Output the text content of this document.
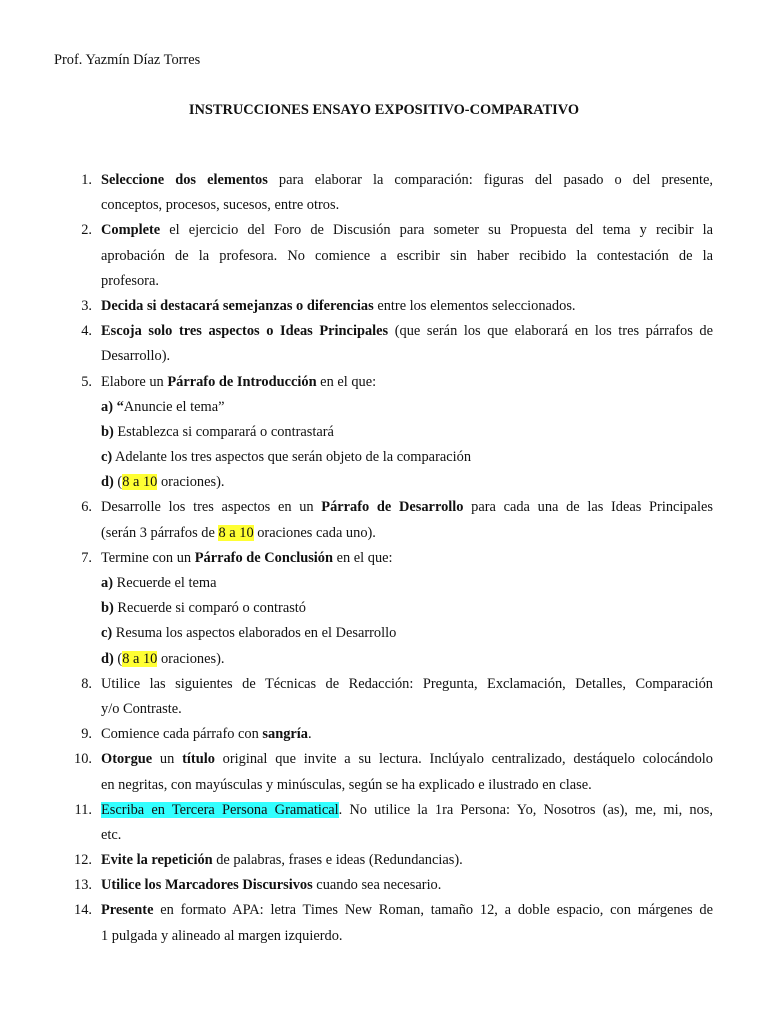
Prof. Yazmín Díaz Torres
INSTRUCCIONES ENSAYO EXPOSITIVO-COMPARATIVO
1. Seleccione dos elementos para elaborar la comparación: figuras del pasado o del presente,
conceptos, procesos, sucesos, entre otros.
2. Complete el ejercicio del Foro de Discusión para someter su Propuesta del tema y recibir la
aprobación de la profesora. No comience a escribir sin haber recibido la contestación de la
profesora.
3. Decida si destacará semejanzas o diferencias entre los elementos seleccionados.
4. Escoja solo tres aspectos o Ideas Principales (que serán los que elaborará en los tres párrafos de
Desarrollo).
5. Elabore un Párrafo de Introducción en el que:
a) “Anuncie el tema”
b) Establezca si comparará o contrastará
c) Adelante los tres aspectos que serán objeto de la comparación
d) (8 a 10 oraciones).
6. Desarrolle los tres aspectos en un Párrafo de Desarrollo para cada una de las Ideas Principales
(serán 3 párrafos de 8 a 10 oraciones cada uno).
7. Termine con un Párrafo de Conclusión en el que:
a) Recuerde el tema
b) Recuerde si comparó o contrastó
c) Resuma los aspectos elaborados en el Desarrollo
d) (8 a 10 oraciones).
8. Utilice las siguientes de Técnicas de Redacción: Pregunta, Exclamación, Detalles, Comparación
y/o Contraste.
9. Comience cada párrafo con sangría.
10. Otorgue un título original que invite a su lectura. Inclúyalo centralizado, destáquelo colocándolo
en negritas, con mayúsculas y minúsculas, según se ha explicado e ilustrado en clase.
11. Escriba en Tercera Persona Gramatical. No utilice la 1ra Persona: Yo, Nosotros (as), me, mi, nos,
etc.
12. Evite la repetición de palabras, frases e ideas (Redundancias).
13. Utilice los Marcadores Discursivos cuando sea necesario.
14. Presente en formato APA: letra Times New Roman, tamaño 12, a doble espacio, con márgenes de
1 pulgada y alineado al margen izquierdo.
